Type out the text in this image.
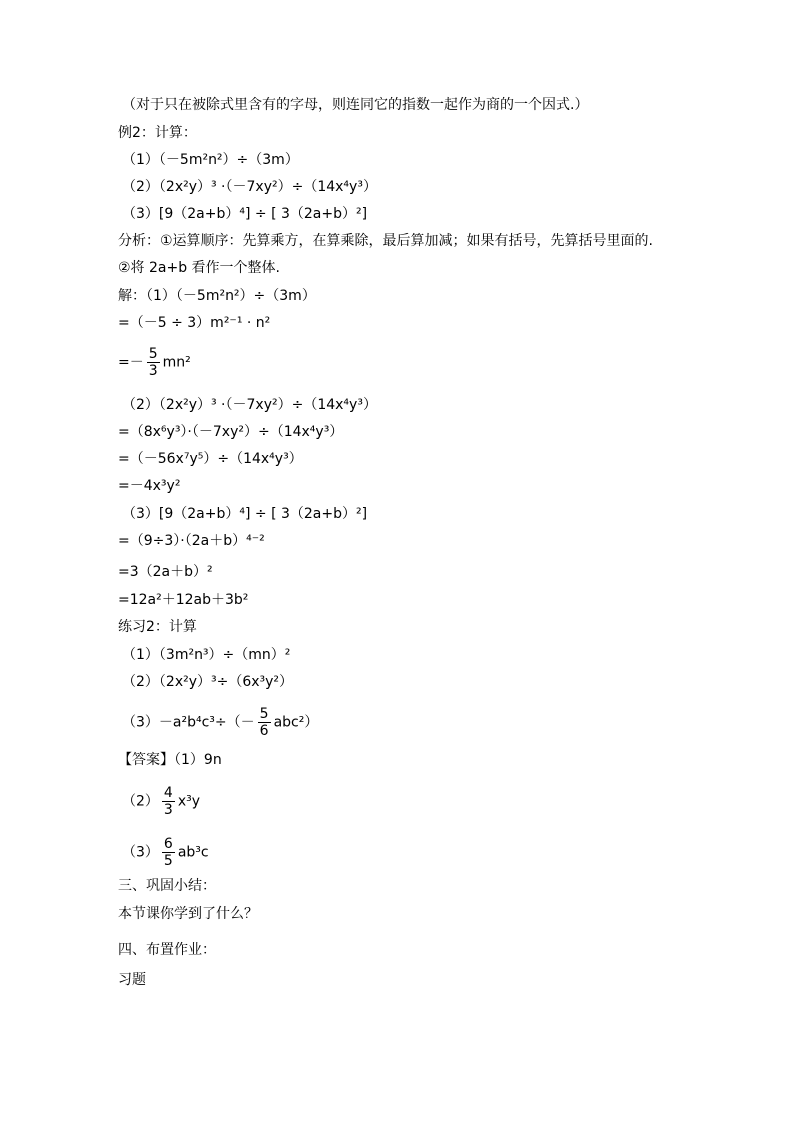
（对于只在被除式里含有的字母，则连同它的指数一起作为商的一个因式.）
例2：计算：
（1）（－5m²n²）÷（3m）
（2）（2x²y）³ ·（－7xy²）÷（14x⁴y³）
（3）[9（2a+b）⁴] ÷ [ 3（2a+b）²]
分析：①运算顺序：先算乘方，在算乘除，最后算加减；如果有括号，先算括号里面的.
②将 2a+b 看作一个整体.
解：（1）（－5m²n²）÷（3m）
=（－5 ÷ 3）m²⁻¹ · n²
=－ $\frac{5}{3} mn^2$
（2）（2x²y）³ ·（－7xy²）÷（14x⁴y³）
=（8x⁶y³）·（－7xy²）÷（14x⁴y³）
=（－56x⁷y⁵）÷（14x⁴y³）
=－4x³y²
（3）[9（2a+b）⁴] ÷ [ 3（2a+b）²]
=（9÷3）·（2a＋b）⁴⁻²
=3（2a＋b）²
=12a²＋12ab＋3b²
练习2：计算
（1）（3m²n³）÷（mn）²
（2）（2x²y）³÷（6x³y²）
$(3)-a^2b^4c^3\div(- \frac{5}{6} abc^2)$
【答案】（1）9n
$(2) \frac{4}{3} x^3y$
$(3) \frac{6}{5} ab^3c$
三、巩固小结：
本节课你学到了什么？
四、布置作业：
习题
